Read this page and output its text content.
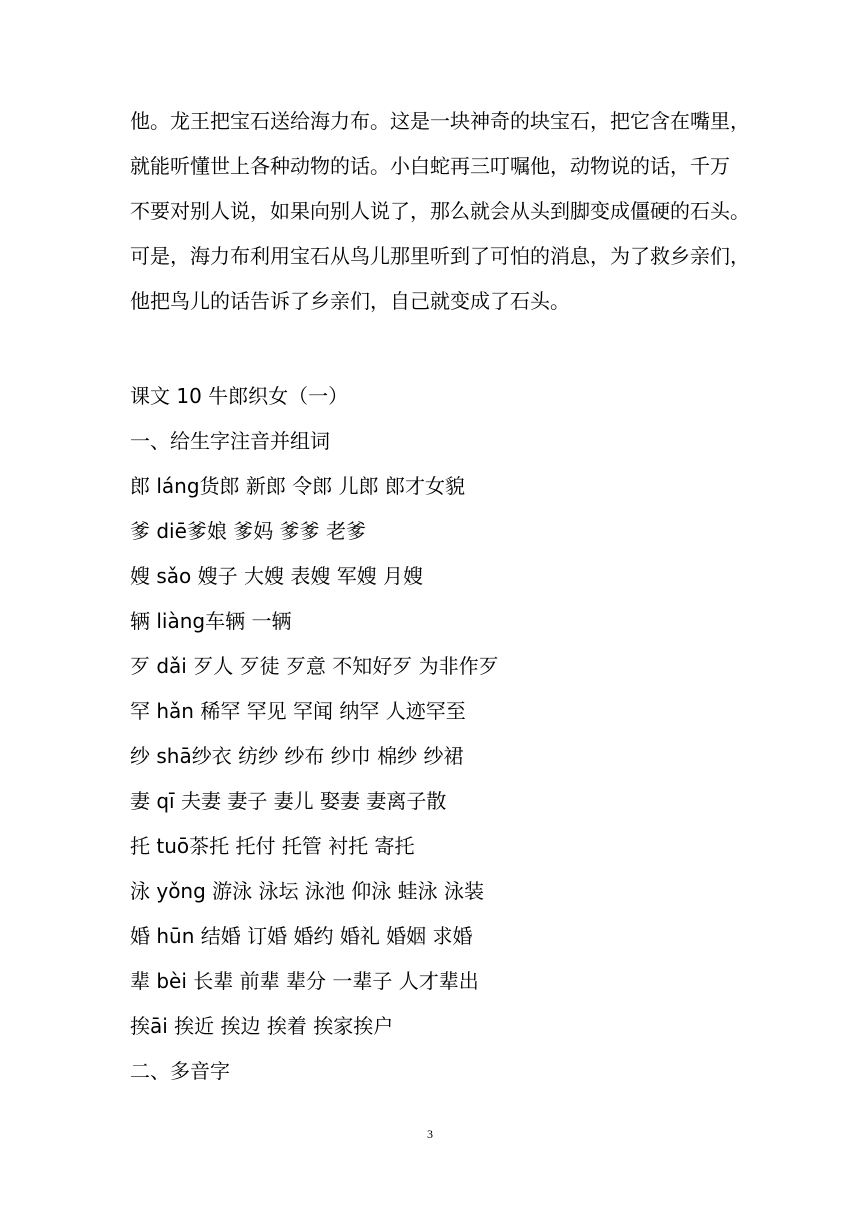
他。龙王把宝石送给海力布。这是一块神奇的块宝石，把它含在嘴里，
就能听懂世上各种动物的话。小白蛇再三叮嘱他，动物说的话，千万
不要对别人说，如果向别人说了，那么就会从头到脚变成僵硬的石头。
可是，海力布利用宝石从鸟儿那里听到了可怕的消息，为了救乡亲们，
他把鸟儿的话告诉了乡亲们，自己就变成了石头。
课文 10 牛郎织女（一）
一、给生字注音并组词
郎 láng货郎 新郎 令郎 儿郎 郎才女貌
爹 diē爹娘 爹妈 爹爹 老爹
嫂 sǎo 嫂子 大嫂 表嫂 军嫂 月嫂
辆 liàng车辆 一辆
歹 dǎi 歹人 歹徒 歹意 不知好歹 为非作歹
罕 hǎn 稀罕 罕见 罕闻 纳罕 人迹罕至
纱 shā纱衣 纺纱 纱布 纱巾 棉纱 纱裙
妻 qī 夫妻 妻子 妻儿 娶妻 妻离子散
托 tuō茶托 托付 托管 衬托 寄托
泳 yǒng 游泳 泳坛 泳池 仰泳 蛙泳 泳装
婚 hūn 结婚 订婚 婚约 婚礼 婚姻 求婚
辈 bèi 长辈 前辈 辈分 一辈子 人才辈出
挨āi 挨近 挨边 挨着 挨家挨户
二、多音字
3
